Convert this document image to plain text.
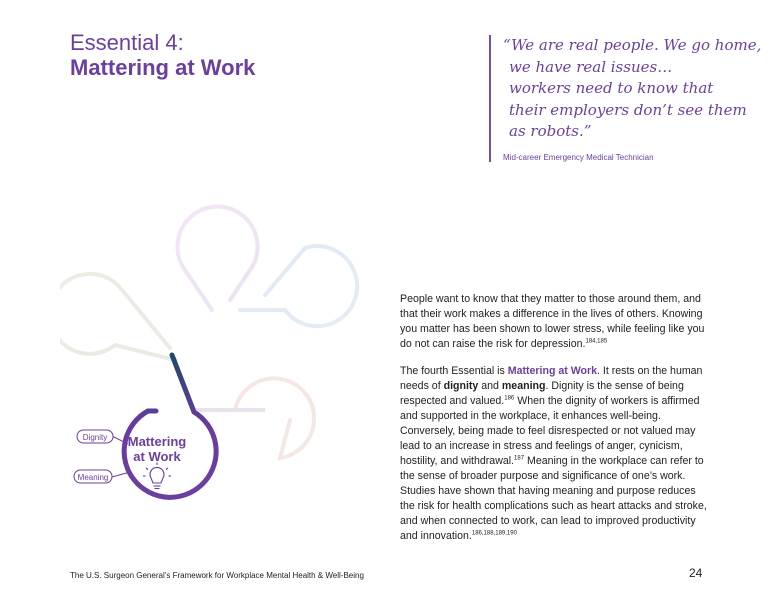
Essential 4:
Mattering at Work
“We are real people. We go home,
we have real issues…
workers need to know that
their employers don’t see them
as robots.”
Mid-career Emergency Medical Technician
Dignity
Meaning
Mattering
at Work

People want to know that they matter to those around them, and that their work makes a difference in the lives of others. Knowing you matter has been shown to lower stress, while feeling like you do not can raise the risk for depression.$^{184,185}$

The fourth Essential is Mattering at Work. It rests on the human needs of dignity and meaning. Dignity is the sense of being respected and valued.$^{186}$ When the dignity of workers is affirmed and supported in the workplace, it enhances well-being. Conversely, being made to feel disrespected or not valued may lead to an increase in stress and feelings of anger, cynicism, hostility, and withdrawal.$^{187}$ Meaning in the workplace can refer to the sense of broader purpose and significance of one’s work. Studies have shown that having meaning and purpose reduces the risk for health complications such as heart attacks and stroke, and when connected to work, can lead to improved productivity and innovation.$^{186,188,189,190}$

The U.S. Surgeon General’s Framework for Workplace Mental Health & Well-Being	24
